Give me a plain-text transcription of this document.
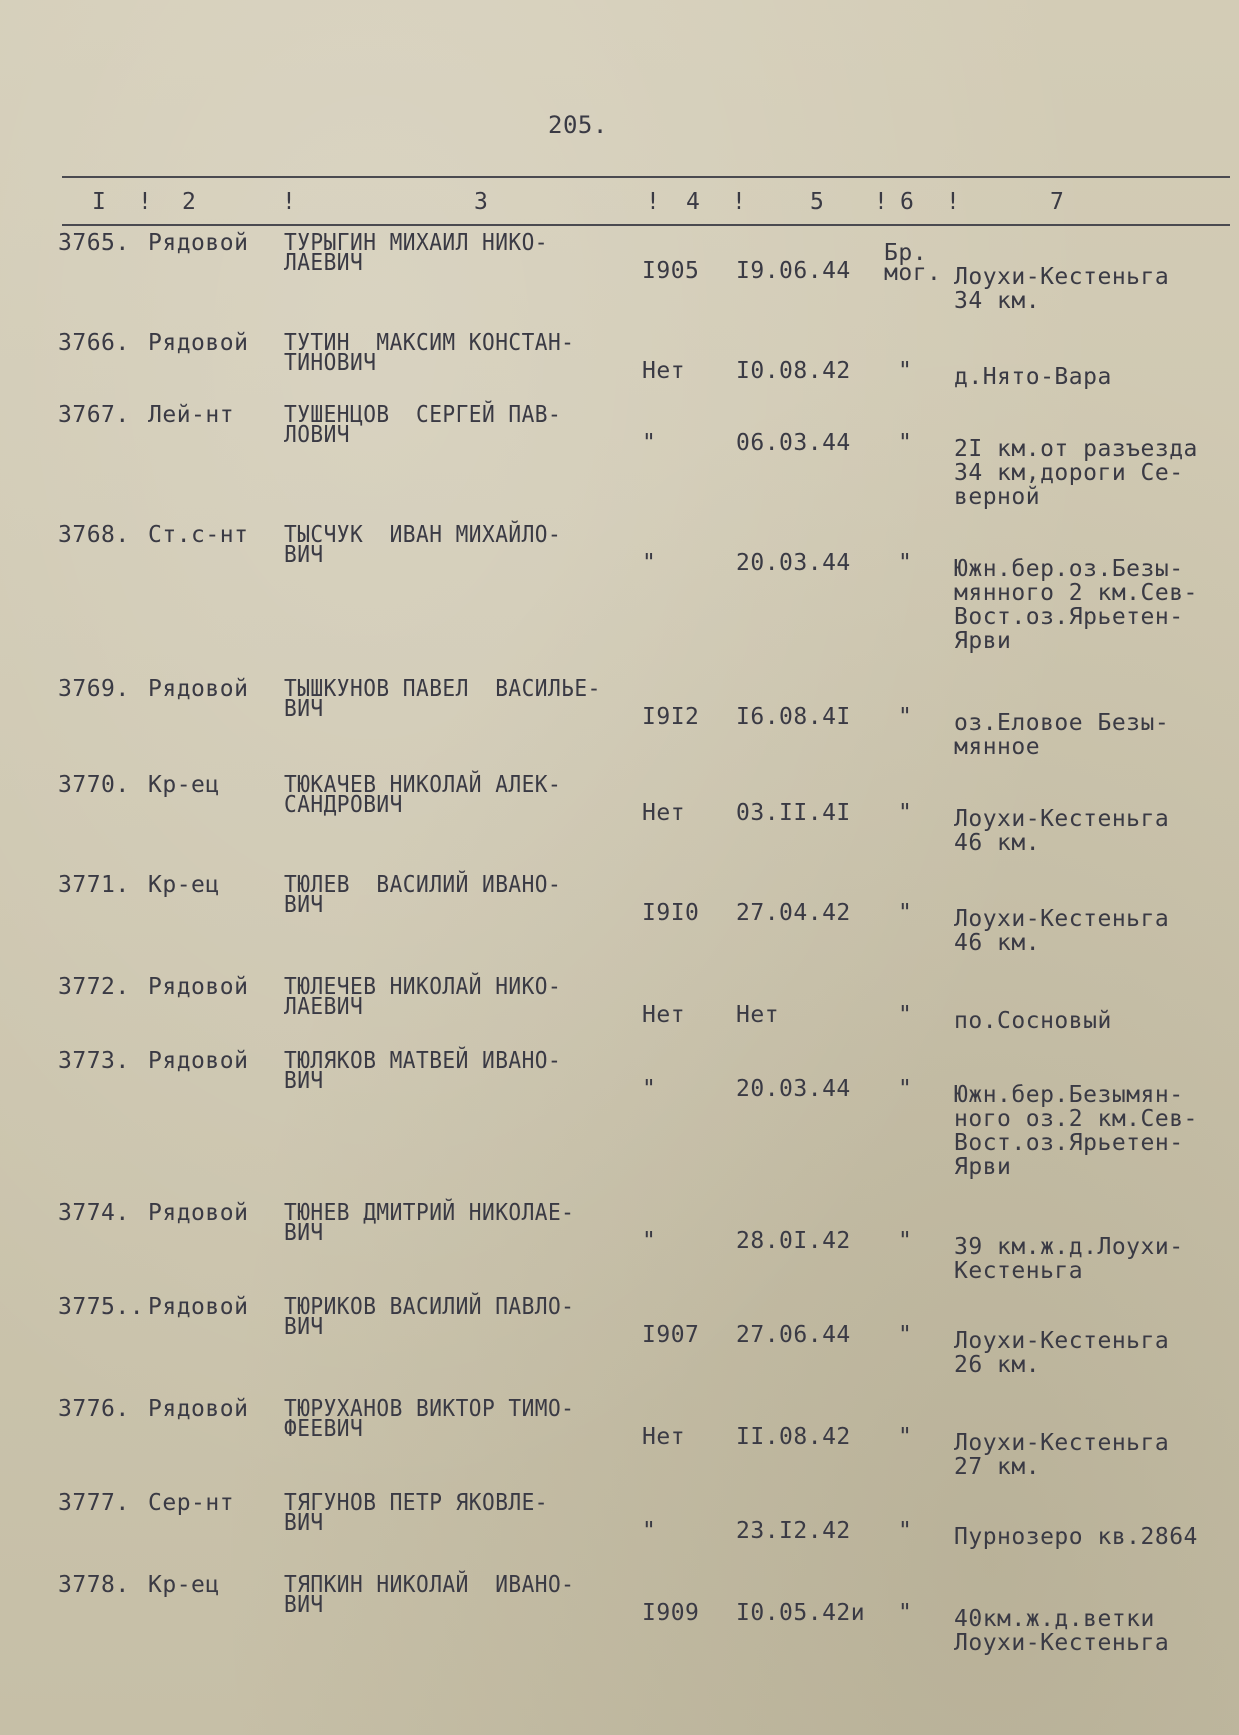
205.
I ! 2	!	3	! 4 !	5 ! 6 !	7
3765. Рядовой ТУРЫГИН МИХАИЛ НИКО-
ЛАЕВИЧ	I905 I9.06.44
Бр.
мог. Лоухи-Кестеньга
34 км.
3766. Рядовой ТУТИН  МАКСИМ КОНСТАН-
ТИНОВИЧ	Нет I0.08.42 " д.Нято-Вара
3767. Лей-нт ТУШЕНЦОВ  СЕРГЕЙ ПАВ-
ЛОВИЧ	"	06.03.44 " 2I км.от разъезда
34 км,дороги Се-
верной
3768. Ст.с-нт ТЫСЧУК  ИВАН МИХАЙЛО-
ВИЧ	"	20.03.44 " Южн.бер.оз.Безы-
мянного 2 км.Сев-
Вост.оз.Ярьетен-
Ярви
3769. Рядовой ТЫШКУНОВ ПАВЕЛ  ВАСИЛЬЕ-
ВИЧ	I9I2 I6.08.4I " оз.Еловое Безы-
мянное
3770. Кр-ец	ТЮКАЧЕВ НИКОЛАЙ АЛЕК-
САНДРОВИЧ	Нет 03.II.4I " Лоухи-Кестеньга
46 км.
3771. Кр-ец	ТЮЛЕВ  ВАСИЛИЙ ИВАНО-
ВИЧ	I9I0 27.04.42 " Лоухи-Кестеньга
46 км.
3772. Рядовой ТЮЛЕЧЕВ НИКОЛАЙ НИКО-
ЛАЕВИЧ	Нет Нет	" по.Сосновый
3773. Рядовой ТЮЛЯКОВ МАТВЕЙ ИВАНО-
ВИЧ	"	20.03.44 " Южн.бер.Безымян-
ного оз.2 км.Сев-
Вост.оз.Ярьетен-
Ярви
3774. Рядовой ТЮНЕВ ДМИТРИЙ НИКОЛАЕ-
ВИЧ	"	28.0I.42 " 39 км.ж.д.Лоухи-
Кестеньга
3775.. Рядовой ТЮРИКОВ ВАСИЛИЙ ПАВЛО-
ВИЧ	I907 27.06.44 " Лоухи-Кестеньга
26 км.
3776. Рядовой ТЮРУХАНОВ ВИКТОР ТИМО-
ФЕЕВИЧ	Нет II.08.42 " Лоухи-Кестеньга
27 км.
3777. Сер-нт ТЯГУНОВ ПЕТР ЯКОВЛЕ-
ВИЧ	"	23.I2.42 " Пурнозеро кв.2864
3778. Кр-ец	ТЯПКИН НИКОЛАЙ  ИВАНО-
ВИЧ	I909 I0.05.42и " 40км.ж.д.ветки
Лоухи-Кестеньга
